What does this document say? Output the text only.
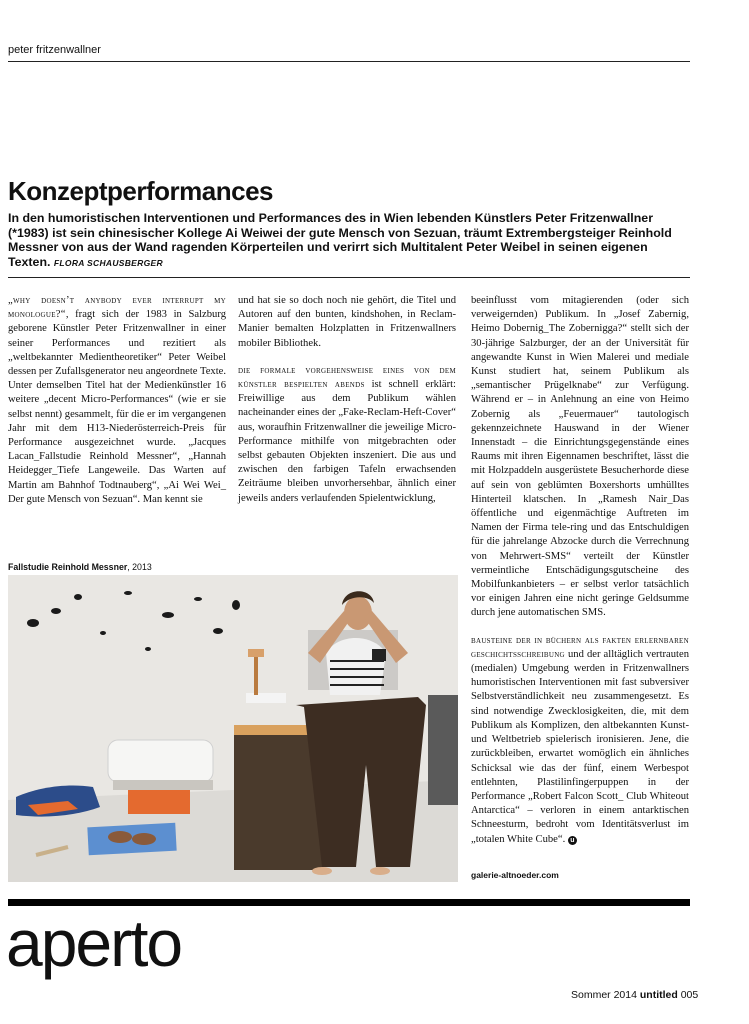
peter fritzenwallner
Konzeptperformances
In den humoristischen Interventionen und Performances des in Wien lebenden Künstlers Peter Fritzenwallner (*1983) ist sein chinesischer Kollege Ai Weiwei der gute Mensch von Sezuan, träumt Extrembergsteiger Reinhold Messner von aus der Wand ragenden Körperteilen und verirrt sich Multitalent Peter Weibel in seinen eigenen Texten. FLORA SCHAUSBERGER

„why doesn’t anybody ever interrupt my monologue?“, fragt sich der 1983 in Salzburg geborene Künstler Peter Fritzenwallner in einer seiner Performances und rezitiert als „weltbekannter Medientheoretiker“ Peter Weibel dessen per Zufallsgenerator neu angeordnete Texte. Unter demselben Titel hat der Medienkünstler 16 weitere „decent Micro-Performances“ (wie er sie selbst nennt) gesammelt, für die er im vergangenen Jahr mit dem H13-Niederösterreich-Preis für Performance ausgezeichnet wurde. „Jacques Lacan_Fallstudie Reinhold Messner“, „Hannah Heidegger_Tiefe Langeweile. Das Warten auf Martin am Bahnhof Todtnauberg“, „Ai Wei Wei_ Der gute Mensch von Sezuan“. Man kennt sie

und hat sie so doch noch nie gehört, die Titel und Autoren auf den bunten, kindshohen, in Reclam-Manier bemalten Holzplatten in Fritzenwallners mobiler Bibliothek.

die formale vorgehensweise eines von dem künstler bespielten abends ist schnell erklärt: Freiwillige aus dem Publikum wählen nacheinander eines der „Fake-Reclam-Heft-Cover“ aus, woraufhin Fritzenwallner die jeweilige Micro-Performance mithilfe von mitgebrachten oder selbst gebauten Objekten inszeniert. Die aus und zwischen den farbigen Tafeln erwachsenden Zeiträume bleiben unvorhersehbar, ähnlich einer jeweils anders verlaufenden Spielentwicklung,

beeinflusst vom mitagierenden (oder sich verweigernden) Publikum. In „Josef Zabernig, Heimo Dobernig_The Zobernigga?“ stellt sich der 30-jährige Salzburger, der an der Universität für angewandte Kunst in Wien Malerei und mediale Kunst studiert hat, seinem Publikum als „semantischer Prügelknabe“ zur Verfügung. Während er – in Anlehnung an eine von Heimo Zobernig als „Feuermauer“ tautologisch gekennzeichnete Hauswand in der Wiener Innenstadt – die Einrichtungsgegenstände eines Raums mit ihren Eigennamen beschriftet, lässt die mit Holzpaddeln ausgerüstete Besucherhorde diese auf sein von geblümten Boxershorts umhülltes Hinterteil klatschen. In „Ramesh Nair_Das öffentliche und eigenmächtige Auftreten im Namen der Firma tele-ring und das Entschuldigen für die jahrelange Abzocke durch die Verrechnung von Mehrwert-SMS“ verteilt der Künstler vermeintliche Entschädigungsgutscheine des Mobilfunkanbieters – er selbst verlor tatsächlich vor einigen Jahren eine nicht geringe Geldsumme durch jene automatischen SMS.

bausteine der in büchern als fakten erlernbaren geschichtsschreibung und der alltäglich vertrauten (medialen) Umgebung werden in Fritzenwallners humoristischen Interventionen mit fast subversiver Selbstverständlichkeit neu zusammengesetzt. Es sind notwendige Zwecklosigkeiten, die, mit dem Publikum als Komplizen, den altbekannten Kunst- und Weltbetrieb spielerisch ironisieren. Jene, die zurückbleiben, erwartet womöglich ein ähnliches Schicksal wie das der fünf, einem Werbespot entlehnten, Plastilinfingerpuppen in der Performance „Robert Falcon Scott_ Club Whiteout Antarctica“ – verloren in einem antarktischen Schneesturm, bedroht vom Identitätsverlust im „totalen White Cube“. u

Fallstudie Reinhold Messner, 2013
galerie-altnoeder.com
aperto
Sommer 2014 untitled 005
